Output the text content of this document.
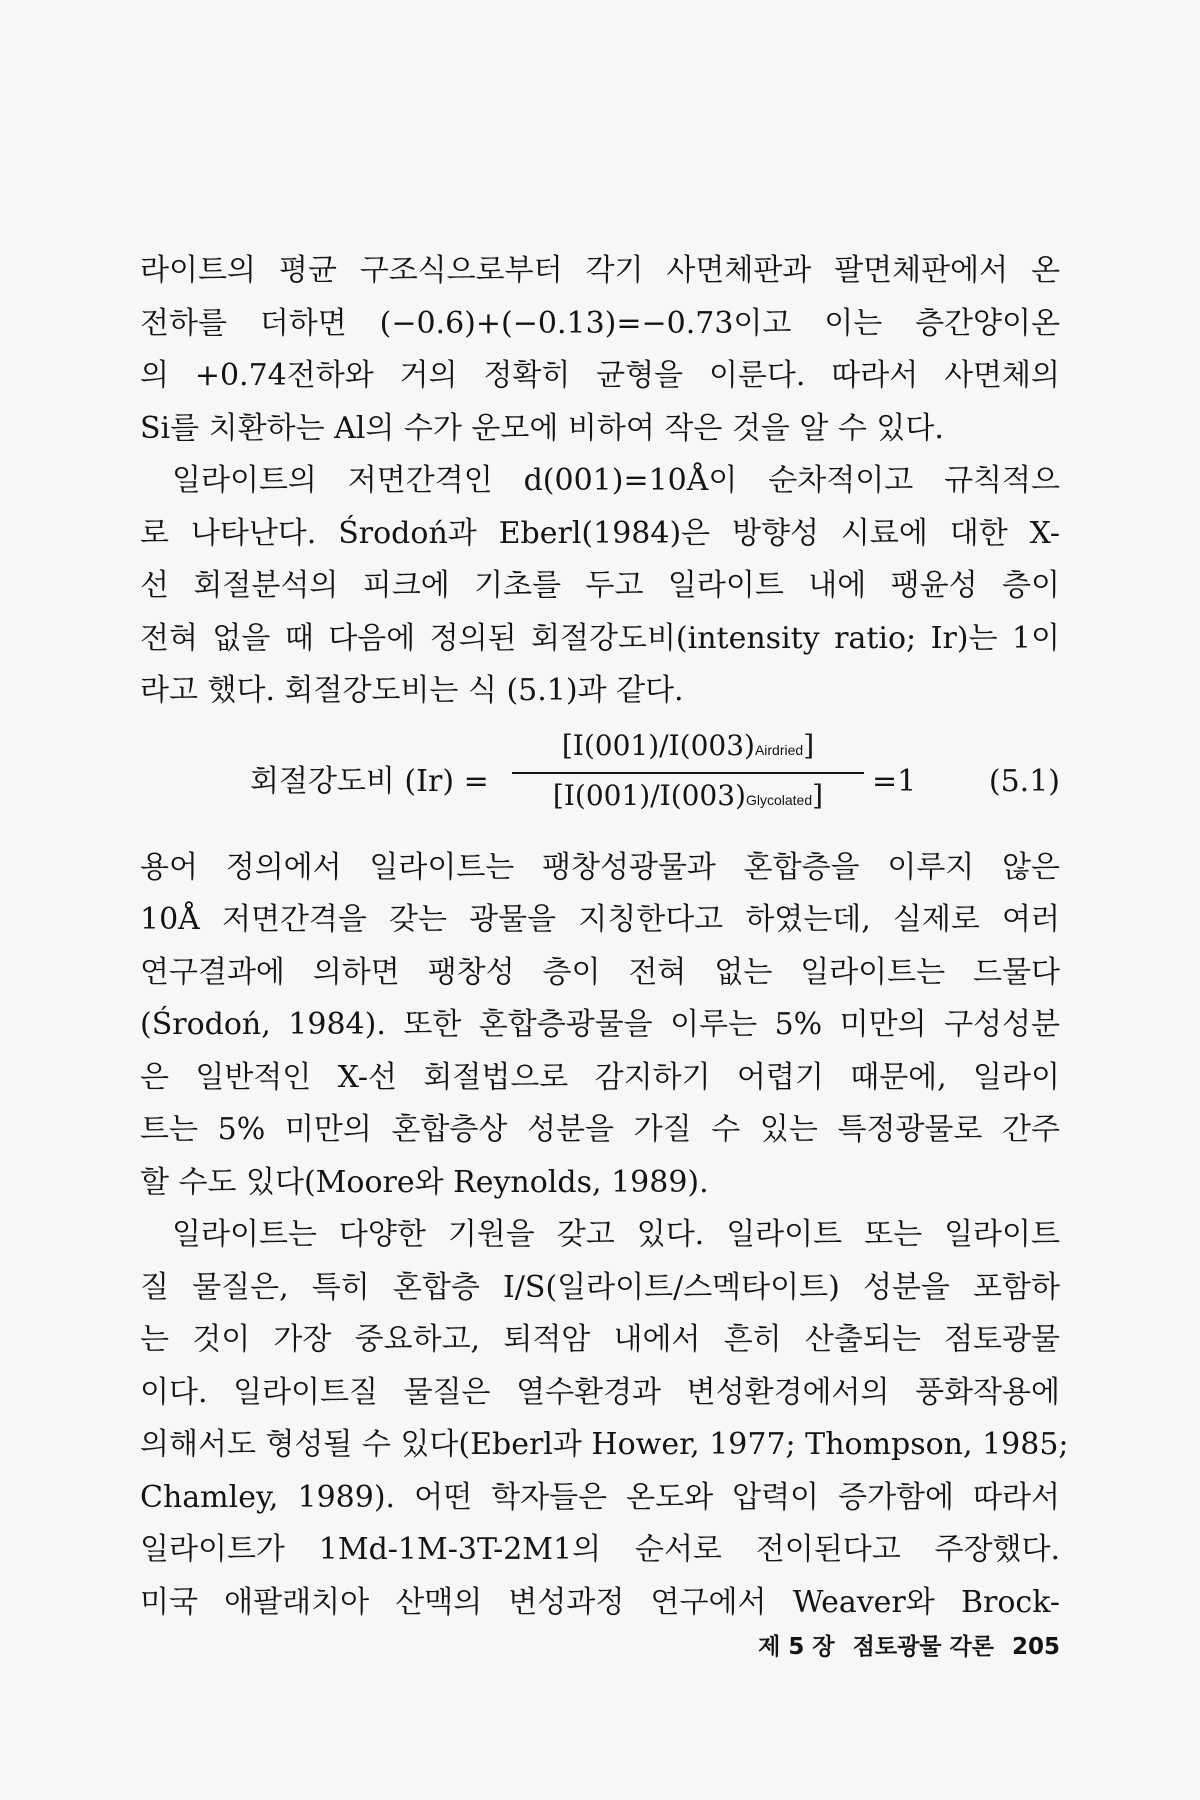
라이트의 평균 구조식으로부터 각기 사면체판과 팔면체판에서 온
전하를 더하면 (−0.6)+(−0.13)=−0.73이고 이는 층간양이온
의 +0.74전하와 거의 정확히 균형을 이룬다. 따라서 사면체의
Si를 치환하는 Al의 수가 운모에 비하여 작은 것을 알 수 있다.

일라이트의 저면간격인 d(001)=10Å이 순차적이고 규칙적으
로 나타난다. Środoń과 Eberl(1984)은 방향성 시료에 대한 X-
선 회절분석의 피크에 기초를 두고 일라이트 내에 팽윤성 층이
전혀 없을 때 다음에 정의된 회절강도비(intensity ratio; Ir)는 1이
라고 했다. 회절강도비는 식 (5.1)과 같다.

회절강도비 (Ir) =
[I(001)/I(003)Airdried]
[I(001)/I(003)Glycolated]	=1 (5.1)

용어 정의에서 일라이트는 팽창성광물과 혼합층을 이루지 않은
10Å 저면간격을 갖는 광물을 지칭한다고 하였는데, 실제로 여러
연구결과에 의하면 팽창성 층이 전혀 없는 일라이트는 드물다
(Środoń, 1984). 또한 혼합층광물을 이루는 5% 미만의 구성성분
은 일반적인 X-선 회절법으로 감지하기 어렵기 때문에, 일라이
트는 5% 미만의 혼합층상 성분을 가질 수 있는 특정광물로 간주
할 수도 있다(Moore와 Reynolds, 1989).

일라이트는 다양한 기원을 갖고 있다. 일라이트 또는 일라이트
질 물질은, 특히 혼합층 I/S(일라이트/스멕타이트) 성분을 포함하
는 것이 가장 중요하고, 퇴적암 내에서 흔히 산출되는 점토광물
이다. 일라이트질 물질은 열수환경과 변성환경에서의 풍화작용에
의해서도 형성될 수 있다(Eberl과 Hower, 1977; Thompson, 1985;
Chamley, 1989). 어떤 학자들은 온도와 압력이 증가함에 따라서
일라이트가 1Md-1M-3T-2M1의 순서로 전이된다고 주장했다.
미국 애팔래치아 산맥의 변성과정 연구에서 Weaver와 Brock-

제 5 장 점토광물 각론 205
